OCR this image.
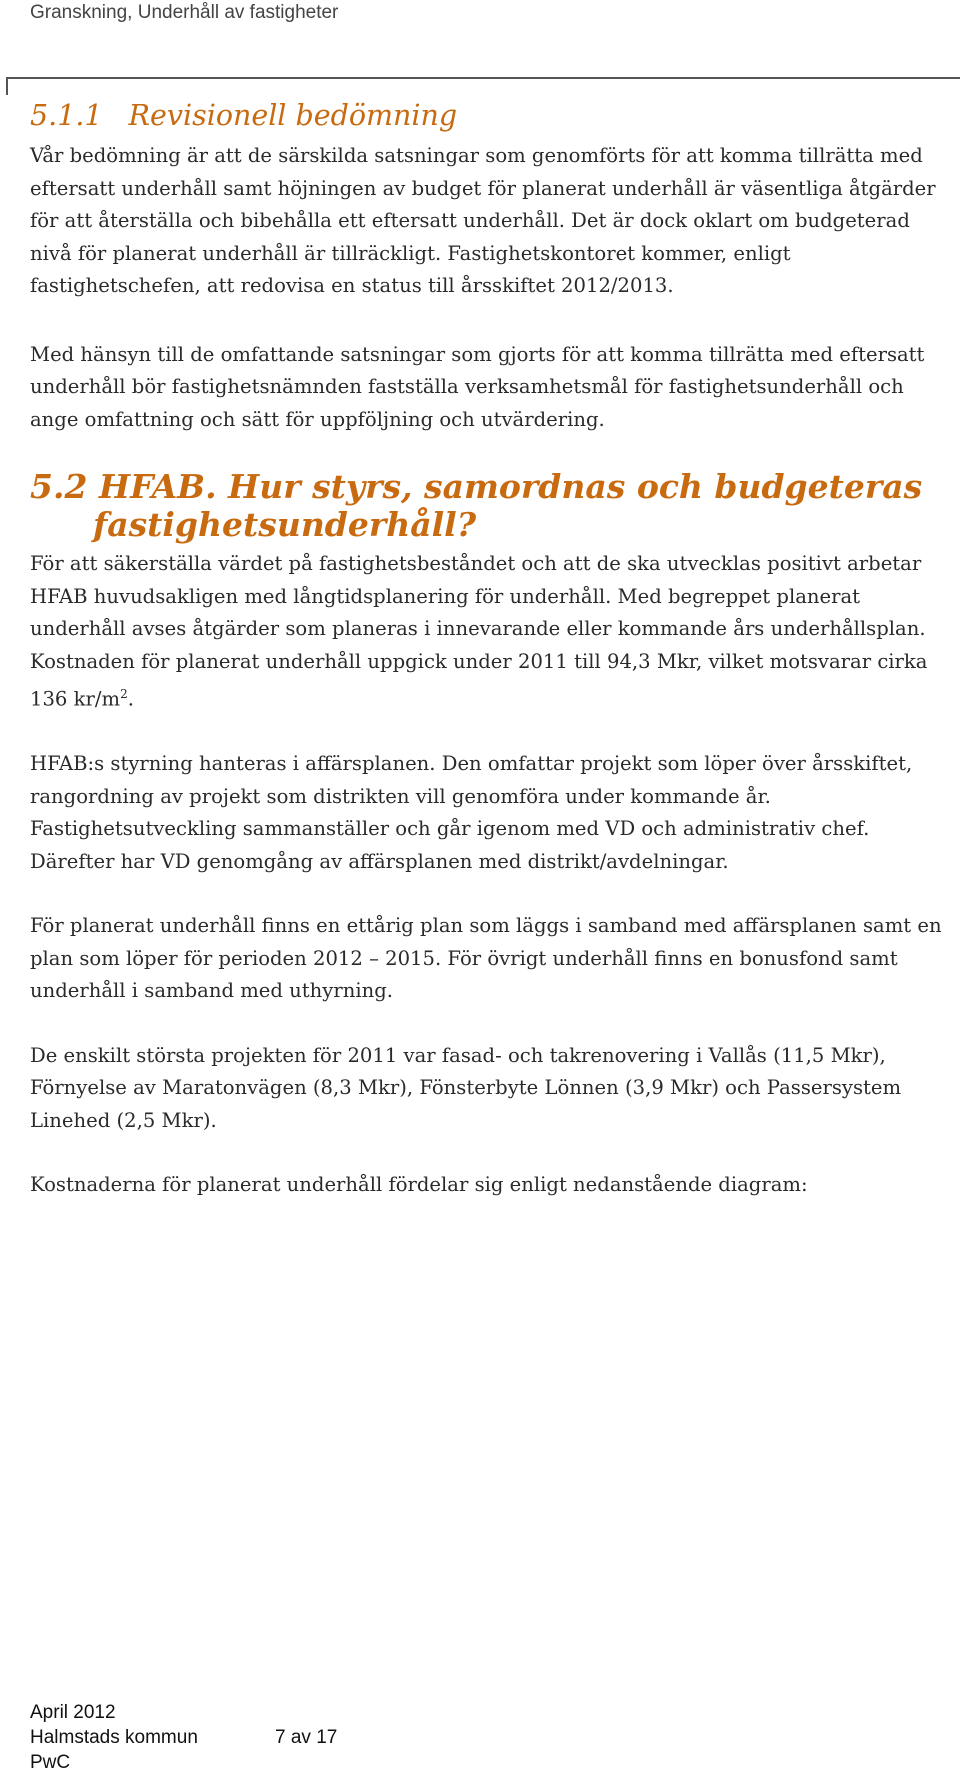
Granskning, Underhåll av fastigheter
5.1.1 Revisionell bedömning

Vår bedömning är att de särskilda satsningar som genomförts för att komma tillrätta med eftersatt underhåll samt höjningen av budget för planerat underhåll är väsentliga åtgärder för att återställa och bibehålla ett eftersatt underhåll. Det är dock oklart om budgeterad nivå för planerat underhåll är tillräckligt. Fastighetskontoret kommer, enligt fastighetschefen, att redovisa en status till årsskiftet 2012/2013.

Med hänsyn till de omfattande satsningar som gjorts för att komma tillrätta med eftersatt underhåll bör fastighetsnämnden fastställa verksamhetsmål för fastighetsunderhåll och ange omfattning och sätt för uppföljning och utvärdering.

5.2 HFAB. Hur styrs, samordnas och budgeteras
fastighetsunderhåll?

För att säkerställa värdet på fastighetsbeståndet och att de ska utvecklas positivt arbetar HFAB huvudsakligen med långtidsplanering för underhåll. Med begreppet planerat underhåll avses åtgärder som planeras i innevarande eller kommande års underhållsplan. Kostnaden för planerat underhåll uppgick under 2011 till 94,3 Mkr, vilket motsvarar cirka 136 $kr/m^2$.

HFAB:s styrning hanteras i affärsplanen. Den omfattar projekt som löper över årsskiftet, rangordning av projekt som distrikten vill genomföra under kommande år. Fastighetsutveckling sammanställer och går igenom med VD och administrativ chef. Därefter har VD genomgång av affärsplanen med distrikt/avdelningar.

För planerat underhåll finns en ettårig plan som läggs i samband med affärsplanen samt en plan som löper för perioden 2012 – 2015. För övrigt underhåll finns en bonusfond samt underhåll i samband med uthyrning.

De enskilt största projekten för 2011 var fasad- och takrenovering i Vallås (11,5 Mkr), Förnyelse av Maratonvägen (8,3 Mkr), Fönsterbyte Lönnen (3,9 Mkr) och Passersystem Linehed (2,5 Mkr).

Kostnaderna för planerat underhåll fördelar sig enligt nedanstående diagram:

April 2012
Halmstads kommun	7 av 17
PwC
